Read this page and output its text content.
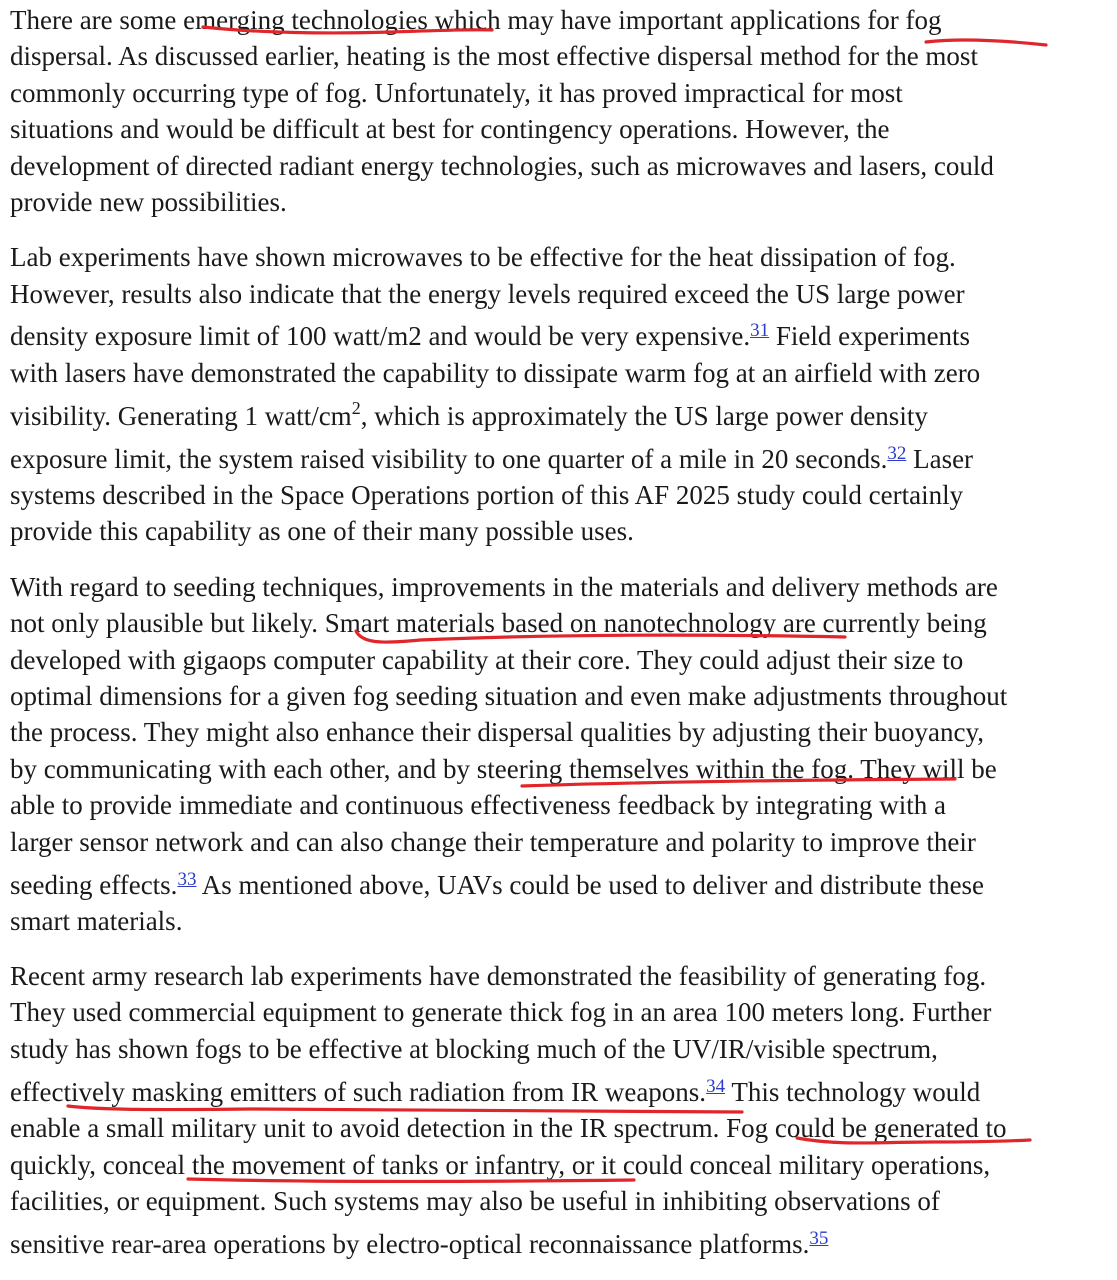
There are some emerging technologies which may have important applications for fog
dispersal. As discussed earlier, heating is the most effective dispersal method for the most
commonly occurring type of fog. Unfortunately, it has proved impractical for most
situations and would be difficult at best for contingency operations. However, the
development of directed radiant energy technologies, such as microwaves and lasers, could
provide new possibilities.
Lab experiments have shown microwaves to be effective for the heat dissipation of fog.
However, results also indicate that the energy levels required exceed the US large power
density exposure limit of 100 watt/m2 and would be very expensive.$^{31}$ Field experiments
with lasers have demonstrated the capability to dissipate warm fog at an airfield with zero
visibility. Generating 1 watt/$cm^2$, which is approximately the US large power density
exposure limit, the system raised visibility to one quarter of a mile in 20 seconds.$^{32}$ Laser
systems described in the Space Operations portion of this AF 2025 study could certainly
provide this capability as one of their many possible uses.
With regard to seeding techniques, improvements in the materials and delivery methods are
not only plausible but likely. Smart materials based on nanotechnology are currently being
developed with gigaops computer capability at their core. They could adjust their size to
optimal dimensions for a given fog seeding situation and even make adjustments throughout
the process. They might also enhance their dispersal qualities by adjusting their buoyancy,
by communicating with each other, and by steering themselves within the fog. They will be
able to provide immediate and continuous effectiveness feedback by integrating with a
larger sensor network and can also change their temperature and polarity to improve their
seeding effects.$^{33}$ As mentioned above, UAVs could be used to deliver and distribute these
smart materials.
Recent army research lab experiments have demonstrated the feasibility of generating fog.
They used commercial equipment to generate thick fog in an area 100 meters long. Further
study has shown fogs to be effective at blocking much of the UV/IR/visible spectrum,
effectively masking emitters of such radiation from IR weapons.$^{34}$ This technology would
enable a small military unit to avoid detection in the IR spectrum. Fog could be generated to
quickly, conceal the movement of tanks or infantry, or it could conceal military operations,
facilities, or equipment. Such systems may also be useful in inhibiting observations of
sensitive rear-area operations by electro-optical reconnaissance platforms.$^{35}$
